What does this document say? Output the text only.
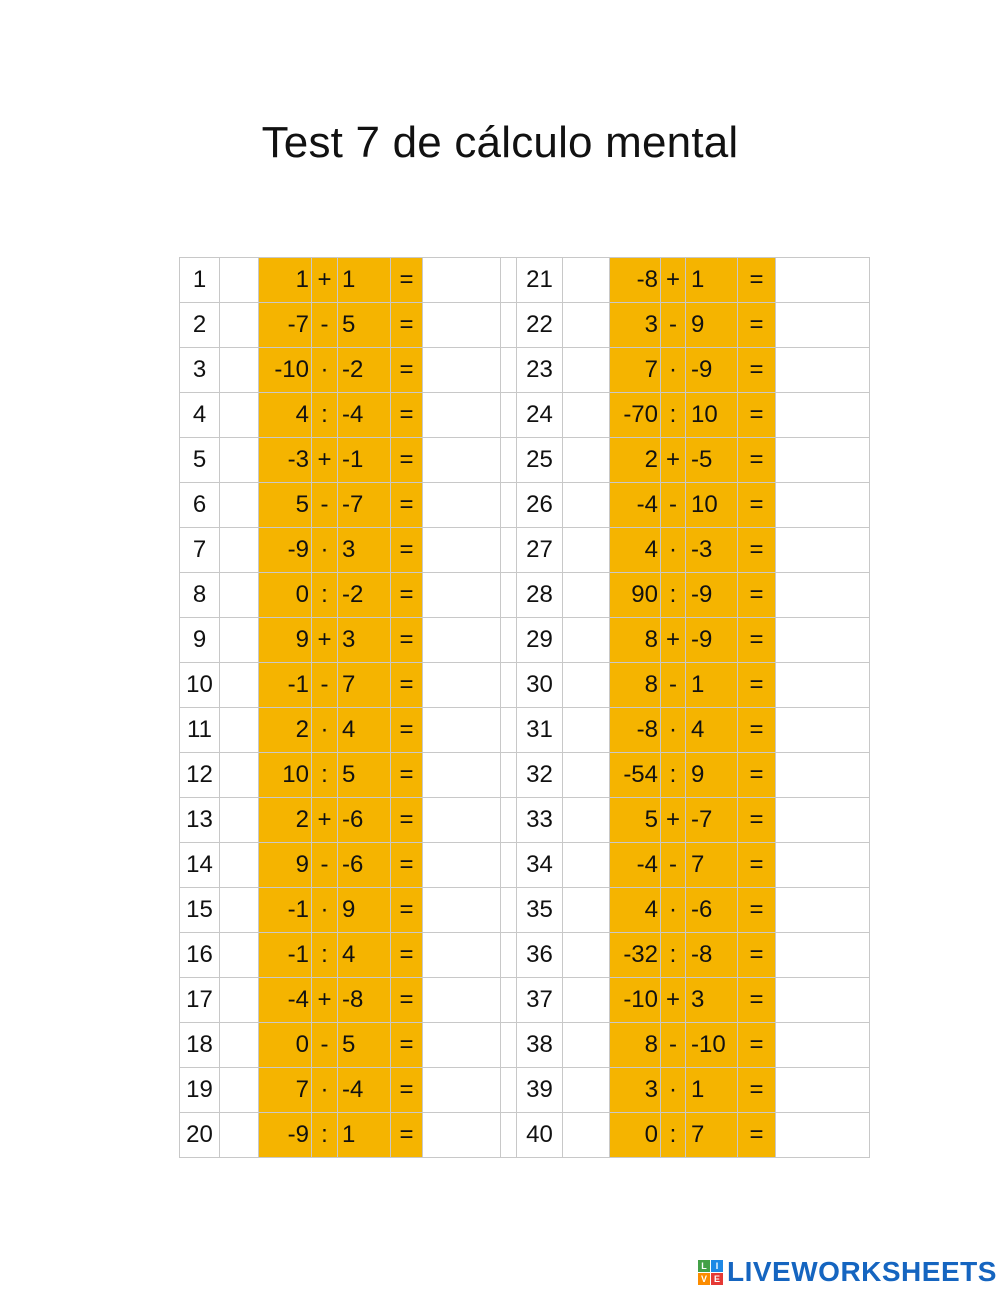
Test 7 de cálculo mental
1		1	+	1	=			21		-8	+	1	=	
2		-7	-	5	=			22		3	-	9	=	
3		-10	·	-2	=			23		7	·	-9	=	
4		4	:	-4	=			24		-70	:	10	=	
5		-3	+	-1	=			25		2	+	-5	=	
6		5	-	-7	=			26		-4	-	10	=	
7		-9	·	3	=			27		4	·	-3	=	
8		0	:	-2	=			28		90	:	-9	=	
9		9	+	3	=			29		8	+	-9	=	
10		-1	-	7	=			30		8	-	1	=	
11		2	·	4	=			31		-8	·	4	=	
12		10	:	5	=			32		-54	:	9	=	
13		2	+	-6	=			33		5	+	-7	=	
14		9	-	-6	=			34		-4	-	7	=	
15		-1	·	9	=			35		4	·	-6	=	
16		-1	:	4	=			36		-32	:	-8	=	
17		-4	+	-8	=			37		-10	+	3	=	
18		0	-	5	=			38		8	-	-10	=	
19		7	·	-4	=			39		3	·	1	=	
20		-9	:	1	=			40		0	:	7	=	
L I
V E LIVEWORKSHEETS
